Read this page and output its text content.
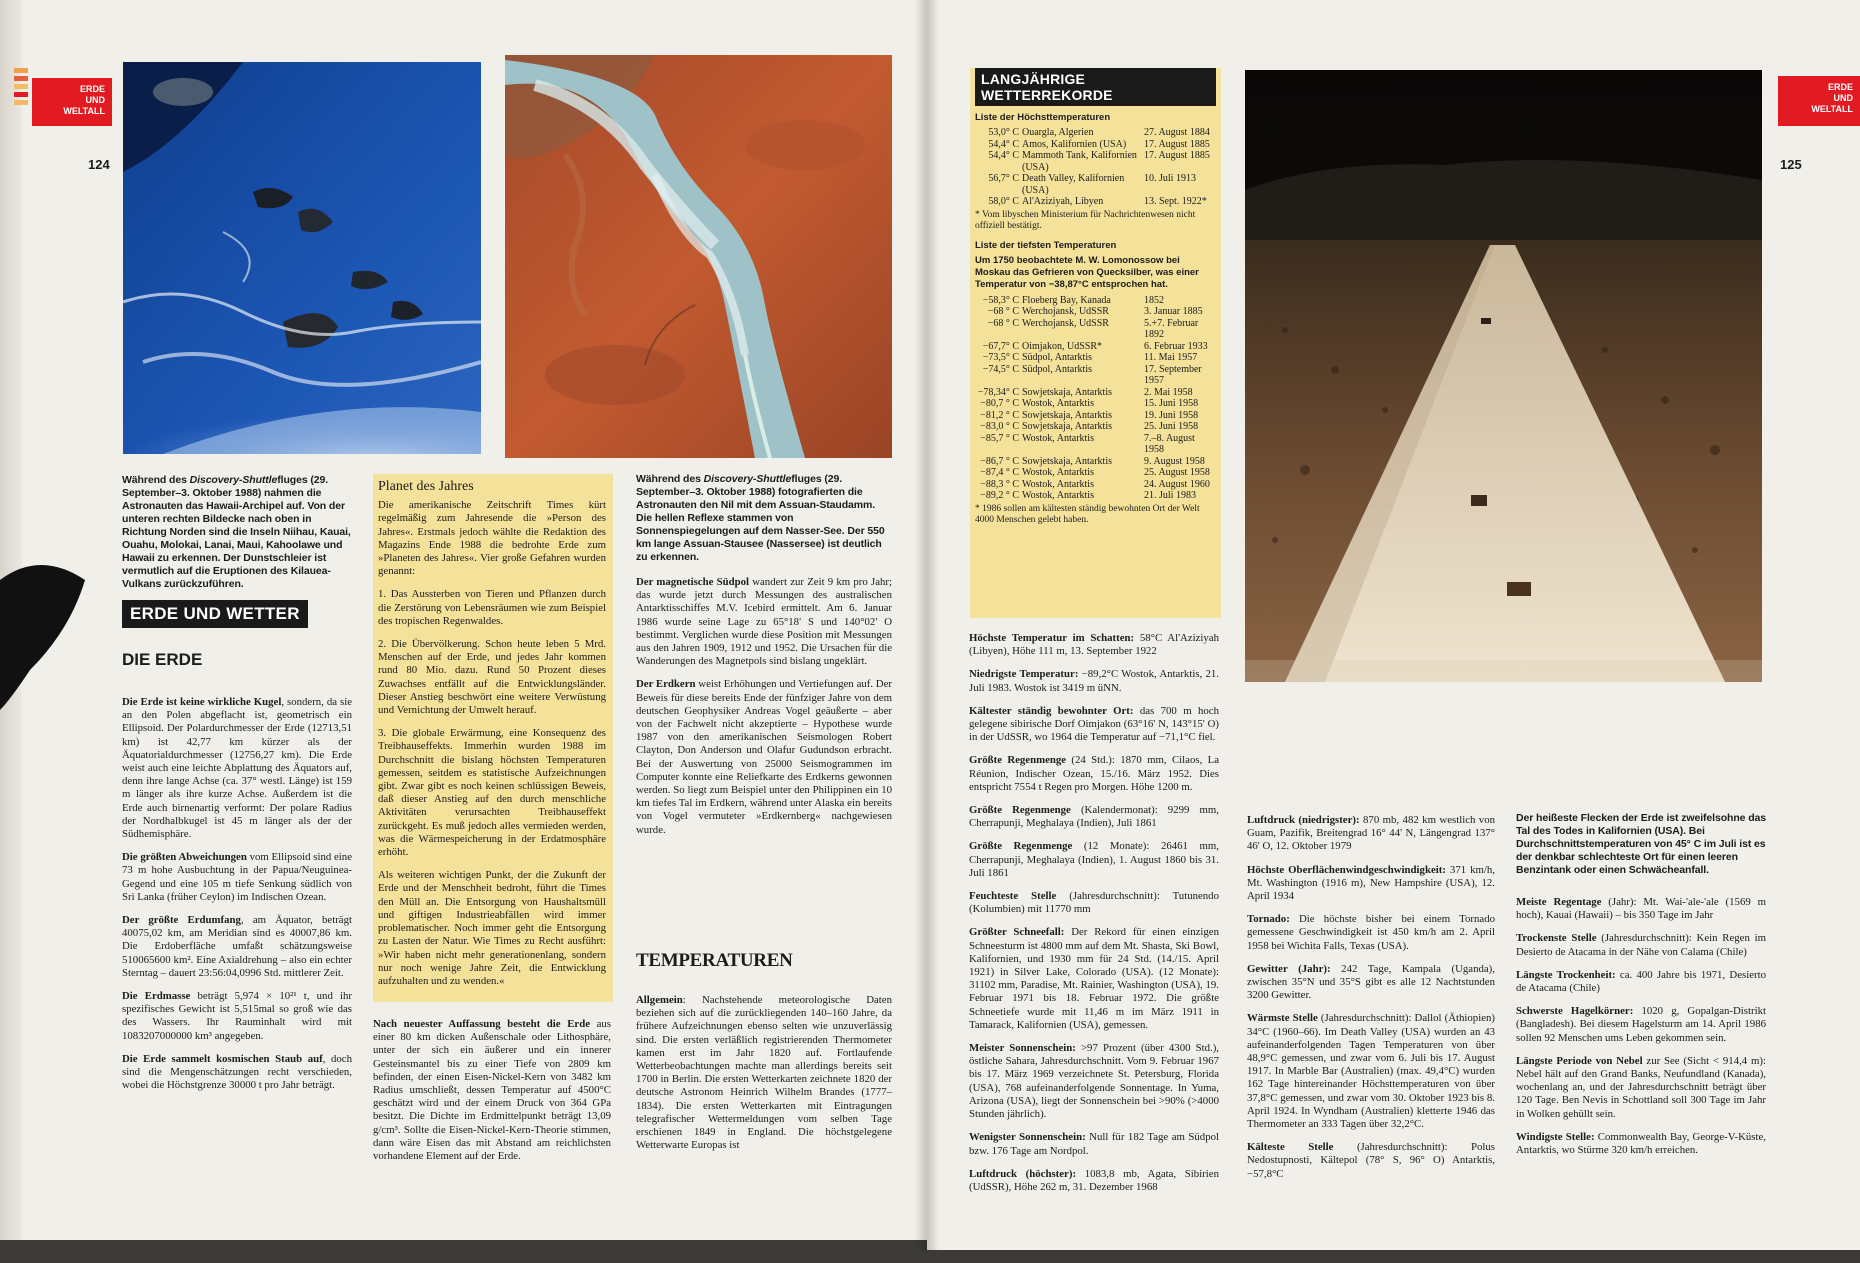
ERDE
UND
WELTALL
124
Während des Discovery-Shuttlefluges (29. September–3. Oktober 1988) nahmen die Astronauten das Hawaii-Archipel auf. Von der unteren rechten Bildecke nach oben in Richtung Norden sind die Inseln Niihau, Kauai, Ouahu, Molokai, Lanai, Maui, Kahoolawe und Hawaii zu erkennen. Der Dunstschleier ist vermutlich auf die Eruptionen des Kilauea-Vulkans zurückzuführen.
Während des Discovery-Shuttlefluges (29. September–3. Oktober 1988) fotografierten die Astronauten den Nil mit dem Assuan-Staudamm. Die hellen Reflexe stammen von Sonnenspiegelungen auf dem Nasser-See. Der 550 km lange Assuan-Stausee (Nassersee) ist deutlich zu erkennen.
ERDE UND WETTER
DIE ERDE

Die Erde ist keine wirkliche Kugel, sondern, da sie an den Polen abgeflacht ist, geometrisch ein Ellipsoid. Der Polardurchmesser der Erde (12713,51 km) ist 42,77 km kürzer als der Äquatorialdurchmesser (12756,27 km). Die Erde weist auch eine leichte Abplattung des Äquators auf, denn ihre lange Achse (ca. 37° westl. Länge) ist 159 m länger als ihre kurze Achse. Außerdem ist die Erde auch birnenartig verformt: Der polare Radius der Nordhalbkugel ist 45 m länger als der der Südhemisphäre.

Die größten Abweichungen vom Ellipsoid sind eine 73 m hohe Ausbuchtung in der Papua/Neuguinea-Gegend und eine 105 m tiefe Senkung südlich von Sri Lanka (früher Ceylon) im Indischen Ozean.

Der größte Erdumfang, am Äquator, beträgt 40075,02 km, am Meridian sind es 40007,86 km. Die Erdoberfläche umfaßt schätzungsweise 510065600 km². Eine Axialdrehung – also ein echter Sterntag – dauert 23:56:04,0996 Std. mittlerer Zeit.

Die Erdmasse beträgt 5,974 × 10²¹ t, und ihr spezifisches Gewicht ist 5,515mal so groß wie das des Wassers. Ihr Rauminhalt wird mit 1083207000000 km³ angegeben.

Die Erde sammelt kosmischen Staub auf, doch sind die Mengenschätzungen recht verschieden, wobei die Höchstgrenze 30000 t pro Jahr beträgt.

Planet des Jahres

Die amerikanische Zeitschrift Times kürt regelmäßig zum Jahresende die »Person des Jahres«. Erstmals jedoch wählte die Redaktion des Magazins Ende 1988 die bedrohte Erde zum »Planeten des Jahres«. Vier große Gefahren wurden genannt:

1. Das Aussterben von Tieren und Pflanzen durch die Zerstörung von Lebensräumen wie zum Beispiel des tropischen Regenwaldes.

2. Die Übervölkerung. Schon heute leben 5 Mrd. Menschen auf der Erde, und jedes Jahr kommen rund 80 Mio. dazu. Rund 50 Prozent dieses Zuwachses entfällt auf die Entwicklungsländer. Dieser Anstieg beschwört eine weitere Verwüstung und Vernichtung der Umwelt herauf.

3. Die globale Erwärmung, eine Konsequenz des Treibhauseffekts. Immerhin wurden 1988 im Durchschnitt die bislang höchsten Temperaturen gemessen, seitdem es statistische Aufzeichnungen gibt. Zwar gibt es noch keinen schlüssigen Beweis, daß dieser Anstieg auf den durch menschliche Aktivitäten verursachten Treibhauseffekt zurückgeht. Es muß jedoch alles vermieden werden, was die Wärmespeicherung in der Erdatmosphäre erhöht.

Als weiteren wichtigen Punkt, der die Zukunft der Erde und der Menschheit bedroht, führt die Times den Müll an. Die Entsorgung von Haushaltsmüll und giftigen Industrieabfällen wird immer problematischer. Noch immer geht die Entsorgung zu Lasten der Natur. Wie Times zu Recht ausführt: »Wir haben nicht mehr generationenlang, sondern nur noch wenige Jahre Zeit, die Entwicklung aufzuhalten und zu wenden.«

Nach neuester Auffassung besteht die Erde aus einer 80 km dicken Außenschale oder Lithosphäre, unter der sich ein äußerer und ein innerer Gesteinsmantel bis zu einer Tiefe von 2809 km befinden, der einen Eisen-Nickel-Kern von 3482 km Radius umschließt, dessen Temperatur auf 4500°C geschätzt wird und der einem Druck von 364 GPa besitzt. Die Dichte im Erdmittelpunkt beträgt 13,09 g/cm³. Sollte die Eisen-Nickel-Kern-Theorie stimmen, dann wäre Eisen das mit Abstand am reichlichsten vorhandene Element auf der Erde.

Der magnetische Südpol wandert zur Zeit 9 km pro Jahr; das wurde jetzt durch Messungen des australischen Antarktisschiffes M.V. Icebird ermittelt. Am 6. Januar 1986 wurde seine Lage zu 65°18' S und 140°02' O bestimmt. Verglichen wurde diese Position mit Messungen aus den Jahren 1909, 1912 und 1952. Die Ursachen für die Wanderungen des Magnetpols sind bislang ungeklärt.

Der Erdkern weist Erhöhungen und Vertiefungen auf. Der Beweis für diese bereits Ende der fünfziger Jahre von dem deutschen Geophysiker Andreas Vogel geäußerte – aber von der Fachwelt nicht akzeptierte – Hypothese wurde 1987 von den amerikanischen Seismologen Robert Clayton, Don Anderson und Olafur Gudundson erbracht. Bei der Auswertung von 25000 Seismogrammen im Computer konnte eine Reliefkarte des Erdkerns gewonnen werden. So liegt zum Beispiel unter den Philippinen ein 10 km tiefes Tal im Erdkern, während unter Alaska ein bereits von Vogel vermuteter »Erdkernberg« nachgewiesen wurde.

TEMPERATUREN

Allgemein: Nachstehende meteorologische Daten beziehen sich auf die zurückliegenden 140–160 Jahre, da frühere Aufzeichnungen ebenso selten wie unzuverlässig sind. Die ersten verläßlich registrierenden Thermometer kamen erst im Jahr 1820 auf. Fortlaufende Wetterbeobachtungen machte man allerdings bereits seit 1700 in Berlin. Die ersten Wetterkarten zeichnete 1820 der deutsche Astronom Heinrich Wilhelm Brandes (1777–1834). Die ersten Wetterkarten mit Eintragungen telegrafischer Wettermeldungen vom selben Tage erschienen 1849 in England. Die höchstgelegene Wetterwarte Europas ist

ERDE
UND
WELTALL
125
LANGJÄHRIGE WETTERREKORDE
Liste der Höchsttemperaturen
53,0° C	Ouargla, Algerien	27. August 1884
54,4° C	Amos, Kalifornien (USA)	17. August 1885
54,4° C	Mammoth Tank, Kalifornien (USA)	17. August 1885
56,7° C	Death Valley, Kalifornien (USA)	10. Juli 1913
58,0° C	Al'Aziziyah, Libyen	13. Sept. 1922*
* Vom libyschen Ministerium für Nachrichtenwesen nicht offiziell bestätigt.
Liste der tiefsten Temperaturen
Um 1750 beobachtete M. W. Lomonossow bei Moskau das Gefrieren von Quecksilber, was einer Temperatur von −38,87°C entsprochen hat.
−58,3° C	Floeberg Bay, Kanada	1852
−68 ° C	Werchojansk, UdSSR	3. Januar 1885
−68 ° C	Werchojansk, UdSSR	5.+7. Februar 1892
−67,7° C	Oimjakon, UdSSR*	6. Februar 1933
−73,5° C	Südpol, Antarktis	11. Mai 1957
−74,5° C	Südpol, Antarktis	17. September 1957
−78,34° C	Sowjetskaja, Antarktis	2. Mai 1958
−80,7 ° C	Wostok, Antarktis	15. Juni 1958
−81,2 ° C	Sowjetskaja, Antarktis	19. Juni 1958
−83,0 ° C	Sowjetskaja, Antarktis	25. Juni 1958
−85,7 ° C	Wostok, Antarktis	7.–8. August 1958
−86,7 ° C	Sowjetskaja, Antarktis	9. August 1958
−87,4 ° C	Wostok, Antarktis	25. August 1958
−88,3 ° C	Wostok, Antarktis	24. August 1960
−89,2 ° C	Wostok, Antarktis	21. Juli 1983
* 1986 sollen am kältesten ständig bewohnten Ort der Welt 4000 Menschen gelebt haben.

Höchste Temperatur im Schatten: 58°C Al'Aziziyah (Libyen), Höhe 111 m, 13. September 1922

Niedrigste Temperatur: −89,2°C Wostok, Antarktis, 21. Juli 1983. Wostok ist 3419 m üNN.

Kältester ständig bewohnter Ort: das 700 m hoch gelegene sibirische Dorf Oimjakon (63°16' N, 143°15' O) in der UdSSR, wo 1964 die Temperatur auf −71,1°C fiel.

Größte Regenmenge (24 Std.): 1870 mm, Cilaos, La Réunion, Indischer Ozean, 15./16. März 1952. Dies entspricht 7554 t Regen pro Morgen. Höhe 1200 m.

Größte Regenmenge (Kalendermonat): 9299 mm, Cherrapunji, Meghalaya (Indien), Juli 1861

Größte Regenmenge (12 Monate): 26461 mm, Cherrapunji, Meghalaya (Indien), 1. August 1860 bis 31. Juli 1861

Feuchteste Stelle (Jahresdurchschnitt): Tutunendo (Kolumbien) mit 11770 mm

Größter Schneefall: Der Rekord für einen einzigen Schneesturm ist 4800 mm auf dem Mt. Shasta, Ski Bowl, Kalifornien, und 1930 mm für 24 Std. (14./15. April 1921) in Silver Lake, Colorado (USA). (12 Monate): 31102 mm, Paradise, Mt. Rainier, Washington (USA), 19. Februar 1971 bis 18. Februar 1972. Die größte Schneetiefe wurde mit 11,46 m im März 1911 in Tamarack, Kalifornien (USA), gemessen.

Meister Sonnenschein: >97 Prozent (über 4300 Std.), östliche Sahara, Jahresdurchschnitt. Vom 9. Februar 1967 bis 17. März 1969 verzeichnete St. Petersburg, Florida (USA), 768 aufeinanderfolgende Sonnentage. In Yuma, Arizona (USA), liegt der Sonnenschein bei >90% (>4000 Stunden jährlich).

Wenigster Sonnenschein: Null für 182 Tage am Südpol bzw. 176 Tage am Nordpol.

Luftdruck (höchster): 1083,8 mb, Agata, Sibirien (UdSSR), Höhe 262 m, 31. Dezember 1968

Luftdruck (niedrigster): 870 mb, 482 km westlich von Guam, Pazifik, Breitengrad 16° 44' N, Längengrad 137° 46' O, 12. Oktober 1979

Höchste Oberflächenwindgeschwindigkeit: 371 km/h, Mt. Washington (1916 m), New Hampshire (USA), 12. April 1934

Tornado: Die höchste bisher bei einem Tornado gemessene Geschwindigkeit ist 450 km/h am 2. April 1958 bei Wichita Falls, Texas (USA).

Gewitter (Jahr): 242 Tage, Kampala (Uganda), zwischen 35°N und 35°S gibt es alle 12 Nachtstunden 3200 Gewitter.

Wärmste Stelle (Jahresdurchschnitt): Dallol (Äthiopien) 34°C (1960–66). Im Death Valley (USA) wurden an 43 aufeinanderfolgenden Tagen Temperaturen von über 48,9°C gemessen, und zwar vom 6. Juli bis 17. August 1917. In Marble Bar (Australien) (max. 49,4°C) wurden 162 Tage hintereinander Höchsttemperaturen von über 37,8°C gemessen, und zwar vom 30. Oktober 1923 bis 8. April 1924. In Wyndham (Australien) kletterte 1946 das Thermometer an 333 Tagen über 32,2°C.

Kälteste Stelle (Jahresdurchschnitt): Polus Nedostupnosti, Kältepol (78° S, 96° O) Antarktis, −57,8°C

Der heißeste Flecken der Erde ist zweifelsohne das Tal des Todes in Kalifornien (USA). Bei Durchschnittstemperaturen von 45° C im Juli ist es der denkbar schlechteste Ort für einen leeren Benzintank oder einen Schwächeanfall.

Meiste Regentage (Jahr): Mt. Wai-'ale-'ale (1569 m hoch), Kauai (Hawaii) – bis 350 Tage im Jahr

Trockenste Stelle (Jahresdurchschnitt): Kein Regen im Desierto de Atacama in der Nähe von Calama (Chile)

Längste Trockenheit: ca. 400 Jahre bis 1971, Desierto de Atacama (Chile)

Schwerste Hagelkörner: 1020 g, Gopalgan-Distrikt (Bangladesh). Bei diesem Hagelsturm am 14. April 1986 sollen 92 Menschen ums Leben gekommen sein.

Längste Periode von Nebel zur See (Sicht < 914,4 m): Nebel hält auf den Grand Banks, Neufundland (Kanada), wochenlang an, und der Jahresdurchschnitt beträgt über 120 Tage. Ben Nevis in Schottland soll 300 Tage im Jahr in Wolken gehüllt sein.

Windigste Stelle: Commonwealth Bay, George-V-Küste, Antarktis, wo Stürme 320 km/h erreichen.
